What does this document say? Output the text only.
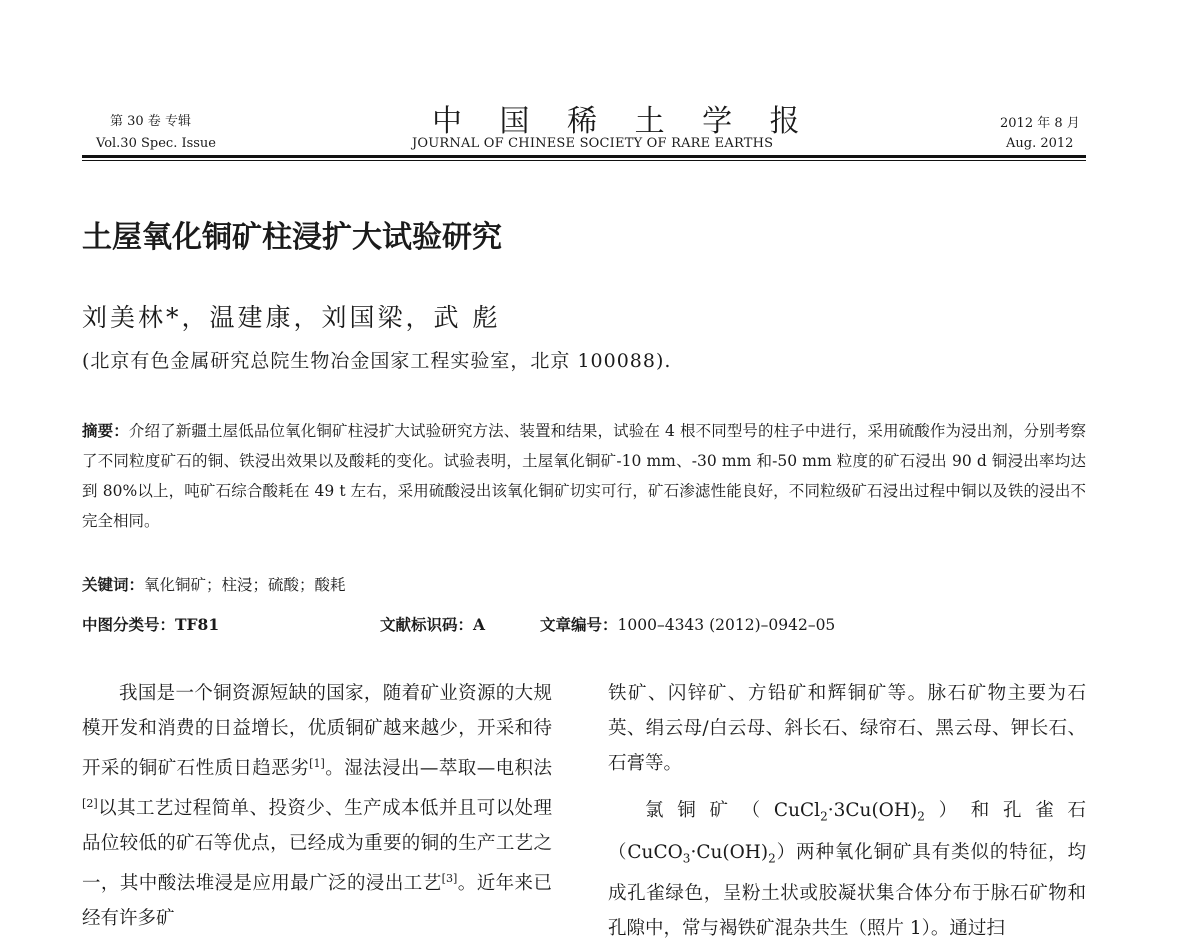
第 30 卷 专辑
Vol.30 Spec. Issue
中 国 稀 土 学 报
JOURNAL OF CHINESE SOCIETY OF RARE EARTHS
2012 年 8 月
Aug. 2012
土屋氧化铜矿柱浸扩大试验研究
刘美林*，温建康，刘国梁，武 彪
(北京有色金属研究总院生物冶金国家工程实验室，北京 100088).
摘要：介绍了新疆土屋低品位氧化铜矿柱浸扩大试验研究方法、装置和结果，试验在 4 根不同型号的柱子中进行，采用硫酸作为浸出剂，分别考察了不同粒度矿石的铜、铁浸出效果以及酸耗的变化。试验表明，土屋氧化铜矿-10 mm、-30 mm 和-50 mm 粒度的矿石浸出 90 d 铜浸出率均达到 80%以上，吨矿石综合酸耗在 49 t 左右，采用硫酸浸出该氧化铜矿切实可行，矿石渗滤性能良好，不同粒级矿石浸出过程中铜以及铁的浸出不完全相同。
关键词：氧化铜矿；柱浸；硫酸；酸耗
中图分类号：TF81	文献标识码：A	文章编号：1000–4343 (2012)–0942–05

我国是一个铜资源短缺的国家，随着矿业资源的大规模开发和消费的日益增长，优质铜矿越来越少，开采和待开采的铜矿石性质日趋恶劣[1]。湿法浸出—萃取—电积法[2]以其工艺过程简单、投资少、生产成本低并且可以处理品位较低的矿石等优点，已经成为重要的铜的生产工艺之一，其中酸法堆浸是应用最广泛的浸出工艺[3]。近年来已经有许多矿

铁矿、闪锌矿、方铅矿和辉铜矿等。脉石矿物主要为石英、绢云母/白云母、斜长石、绿帘石、黑云母、钾长石、石膏等。

氯铜矿$(CuCl_2\cdot 3Cu(OH)_2)$和孔雀石$(CuCO_3\cdot Cu(OH)_2)$两种氧化铜矿具有类似的特征，均成孔雀绿色，呈粉土状或胶凝状集合体分布于脉石矿物和孔隙中，常与褐铁矿混杂共生（照片 1）。通过扫
